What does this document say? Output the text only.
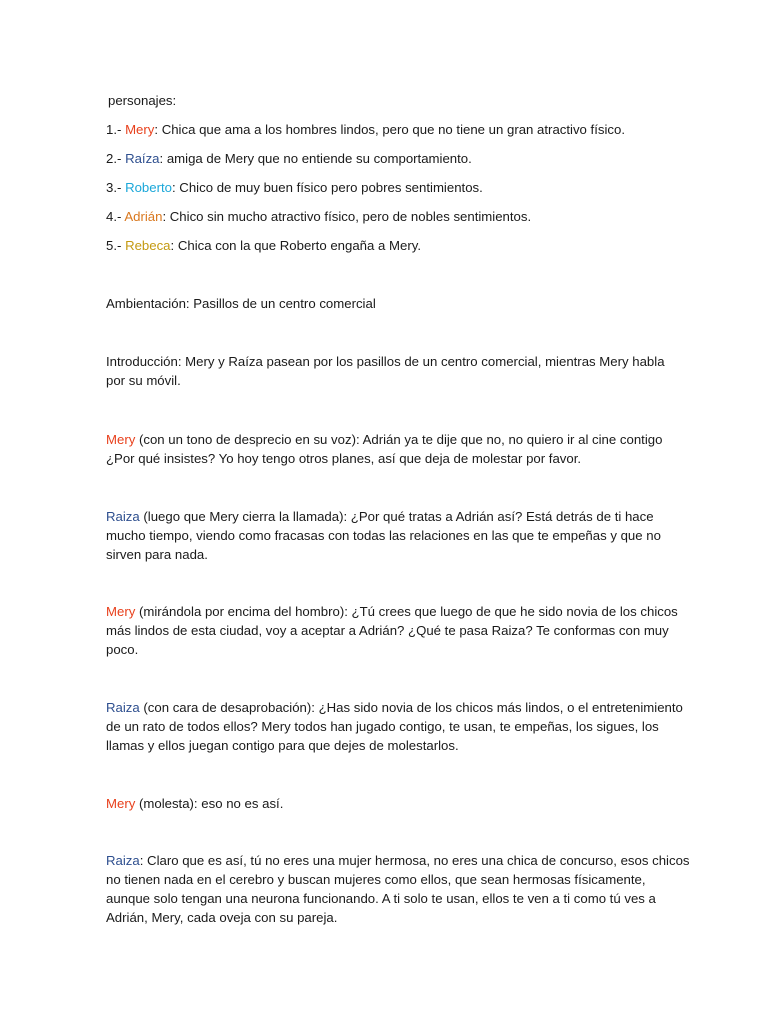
personajes:
1.- Mery: Chica que ama a los hombres lindos, pero que no tiene un gran atractivo físico.
2.- Raíza: amiga de Mery que no entiende su comportamiento.
3.- Roberto: Chico de muy buen físico pero pobres sentimientos.
4.- Adrián: Chico sin mucho atractivo físico, pero de nobles sentimientos.
5.- Rebeca: Chica con la que Roberto engaña a Mery.
Ambientación: Pasillos de un centro comercial
Introducción: Mery y Raíza pasean por los pasillos de un centro comercial, mientras Mery habla
por su móvil.
Mery (con un tono de desprecio en su voz): Adrián ya te dije que no, no quiero ir al cine contigo
¿Por qué insistes? Yo hoy tengo otros planes, así que deja de molestar por favor.
Raiza (luego que Mery cierra la llamada): ¿Por qué tratas a Adrián así? Está detrás de ti hace
mucho tiempo, viendo como fracasas con todas las relaciones en las que te empeñas y que no
sirven para nada.
Mery (mirándola por encima del hombro): ¿Tú crees que luego de que he sido novia de los chicos
más lindos de esta ciudad, voy a aceptar a Adrián? ¿Qué te pasa Raiza? Te conformas con muy
poco.
Raiza (con cara de desaprobación): ¿Has sido novia de los chicos más lindos, o el entretenimiento
de un rato de todos ellos? Mery todos han jugado contigo, te usan, te empeñas, los sigues, los
llamas y ellos juegan contigo para que dejes de molestarlos.
Mery (molesta): eso no es así.
Raiza: Claro que es así, tú no eres una mujer hermosa, no eres una chica de concurso, esos chicos
no tienen nada en el cerebro y buscan mujeres como ellos, que sean hermosas físicamente,
aunque solo tengan una neurona funcionando. A ti solo te usan, ellos te ven a ti como tú ves a
Adrián, Mery, cada oveja con su pareja.
